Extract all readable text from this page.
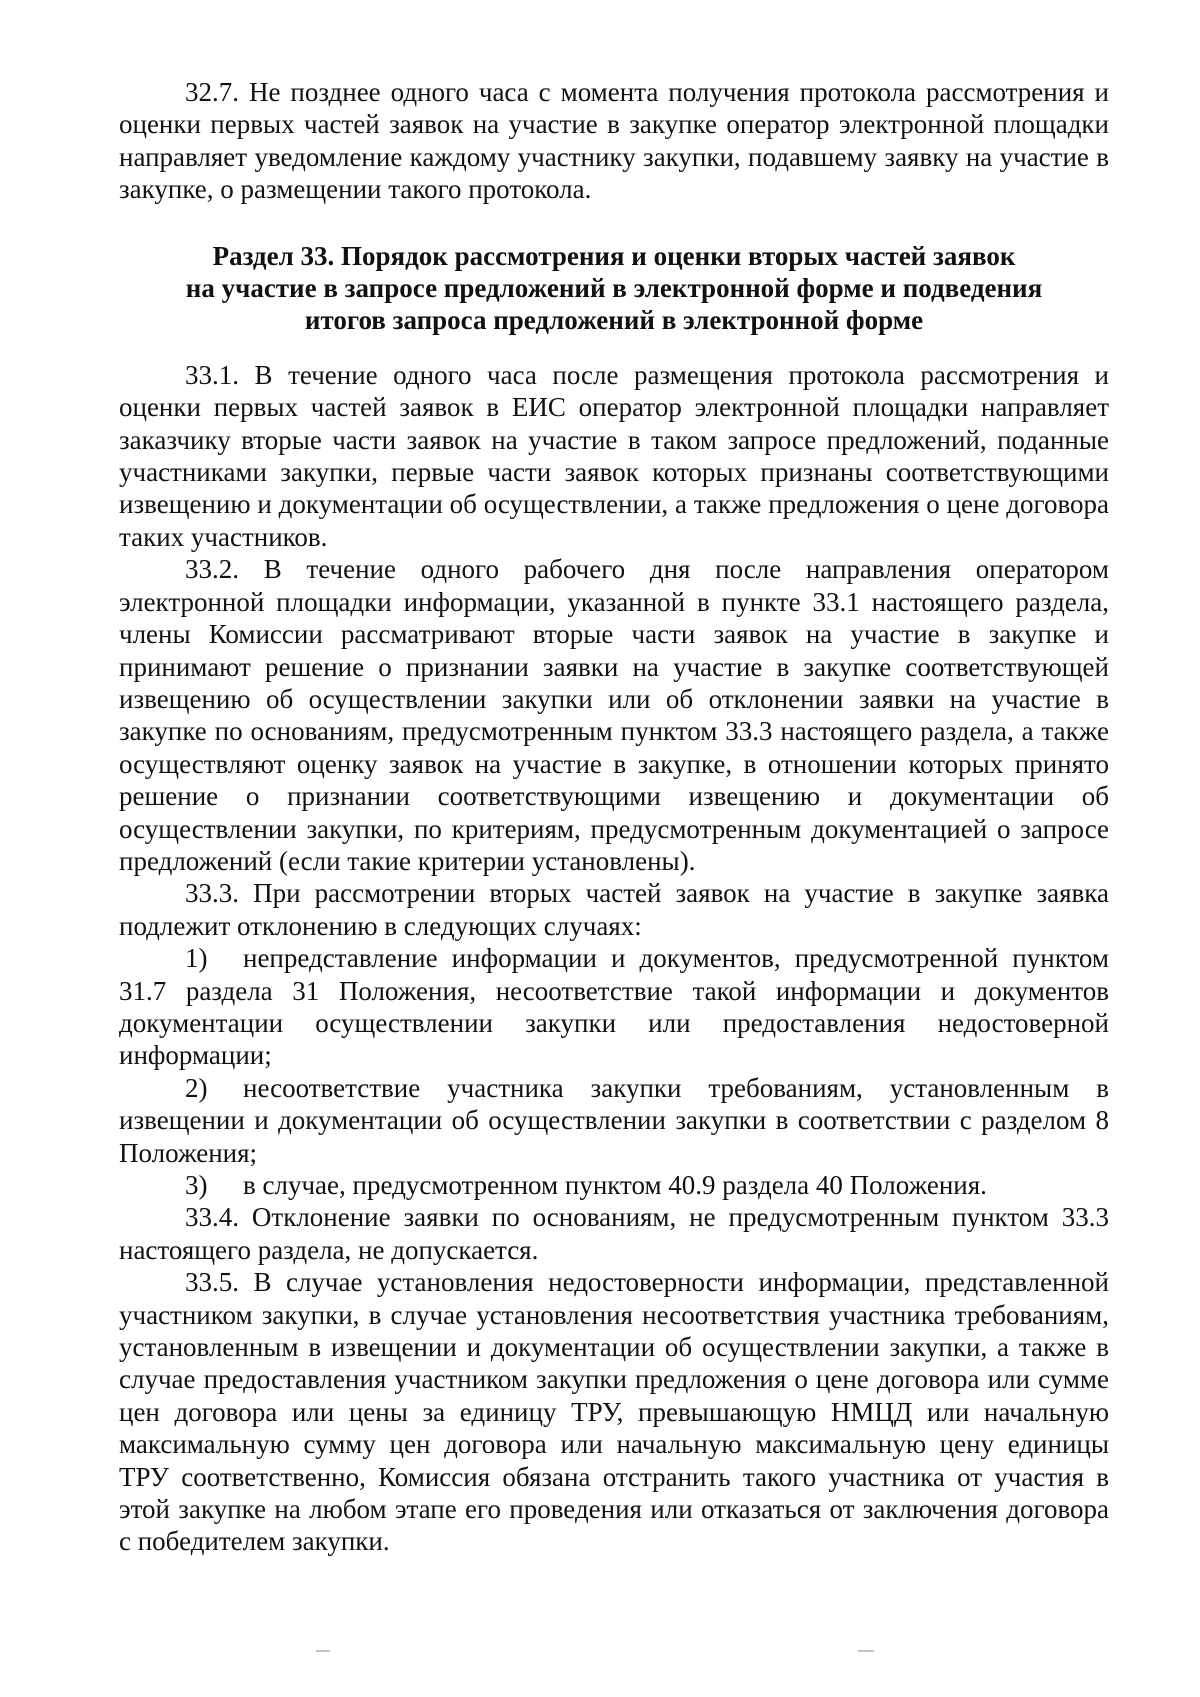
32.7. Не позднее одного часа с момента получения протокола рассмотрения и оценки первых частей заявок на участие в закупке оператор электронной площадки направляет уведомление каждому участнику закупки, подавшему заявку на участие в закупке, о размещении такого протокола.

Раздел 33. Порядок рассмотрения и оценки вторых частей заявок
на участие в запросе предложений в электронной форме и подведения
итогов запроса предложений в электронной форме

33.1. В течение одного часа после размещения протокола рассмотрения и оценки первых частей заявок в ЕИС оператор электронной площадки направляет заказчику вторые части заявок на участие в таком запросе предложений, поданные участниками закупки, первые части заявок которых признаны соответствующими извещению и документации об осуществлении, а также предложения о цене договора таких участников.

33.2. В течение одного рабочего дня после направления оператором электронной площадки информации, указанной в пункте 33.1 настоящего раздела, члены Комиссии рассматривают вторые части заявок на участие в закупке и принимают решение о признании заявки на участие в закупке соответствующей извещению об осуществлении закупки или об отклонении заявки на участие в закупке по основаниям, предусмотренным пунктом 33.3 настоящего раздела, а также осуществляют оценку заявок на участие в закупке, в отношении которых принято решение о признании соответствующими извещению и документации об осуществлении закупки, по критериям, предусмотренным документацией о запросе предложений (если такие критерии установлены).

33.3. При рассмотрении вторых частей заявок на участие в закупке заявка подлежит отклонению в следующих случаях:

1) непредставление информации и документов, предусмотренной пунктом 31.7 раздела 31 Положения, несоответствие такой информации и документов документации осуществлении закупки или предоставления недостоверной информации;

2) несоответствие участника закупки требованиям, установленным в извещении и документации об осуществлении закупки в соответствии с разделом 8 Положения;

3) в случае, предусмотренном пунктом 40.9 раздела 40 Положения.

33.4. Отклонение заявки по основаниям, не предусмотренным пунктом 33.3 настоящего раздела, не допускается.

33.5. В случае установления недостоверности информации, представленной участником закупки, в случае установления несоответствия участника требованиям, установленным в извещении и документации об осуществлении закупки, а также в случае предоставления участником закупки предложения о цене договора или сумме цен договора или цены за единицу ТРУ, превышающую НМЦД или начальную максимальную сумму цен договора или начальную максимальную цену единицы ТРУ соответственно, Комиссия обязана отстранить такого участника от участия в этой закупке на любом этапе его проведения или отказаться от заключения договора с победителем закупки.
